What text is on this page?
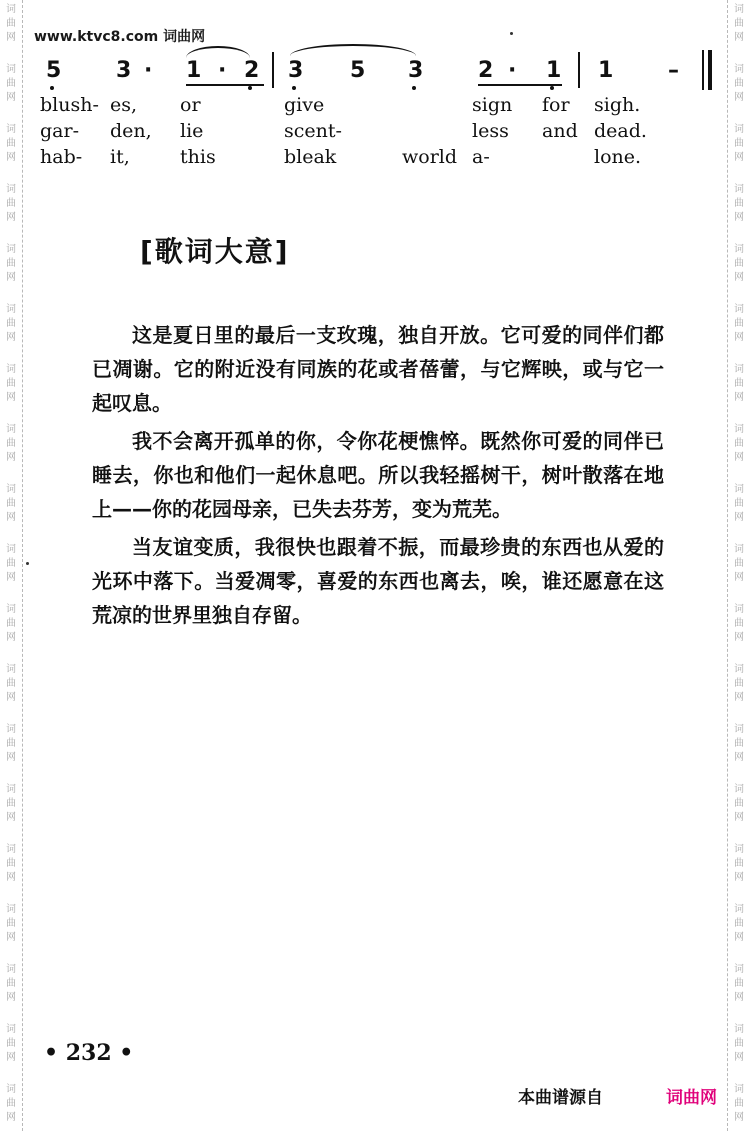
词
曲
网
词
曲
网
词
曲
网
词
曲
网
词
曲
网
词
曲
网
词
曲
网
词
曲
网
词
曲
网
词
曲
网
词
曲
网
词
曲
网
词
曲
网
词
曲
网
词
曲
网
词
曲
网
词
曲
网
词
曲
网
词
曲
网
词
曲
网
词
曲
网
词
曲
网
词
曲
网
词
曲
网
词
曲
网
词
曲
网
词
曲
网
词
曲
网
词
曲
网
词
曲
网
词
曲
网
词
曲
网
词
曲
网
词
曲
网
词
曲
网
词
曲
网
词
曲
网
词
曲
网
www.ktvc8.com 词曲网
5 3 · 1 · 2 3 5 3 2 · 1 1 –
blush- es, or	give	sign for sigh.
gar- den, lie	scent-	less and dead.
hab- it,	this	bleak	world a-	lone.
[歌词大意]

这是夏日里的最后一支玫瑰，独自开放。它可爱的同伴们都已凋谢。它的附近没有同族的花或者蓓蕾，与它辉映，或与它一起叹息。

我不会离开孤单的你，令你花梗憔悴。既然你可爱的同伴已睡去，你也和他们一起休息吧。所以我轻摇树干，树叶散落在地上——你的花园母亲，已失去芬芳，变为荒芜。

当友谊变质，我很快也跟着不振，而最珍贵的东西也从爱的光环中落下。当爱凋零，喜爱的东西也离去，唉，谁还愿意在这荒凉的世界里独自存留。

• 232 •
本曲谱源自	词曲网
